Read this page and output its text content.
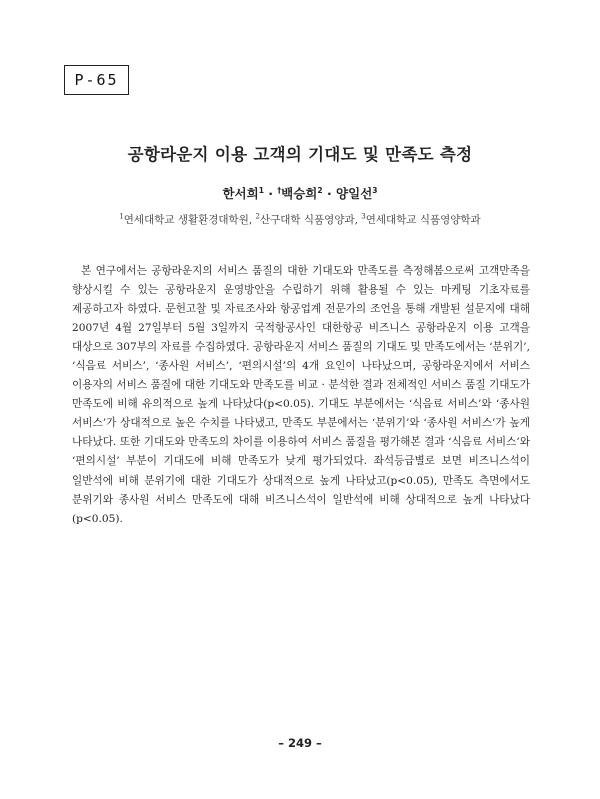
P-65
공항라운지 이용 고객의 기대도 및 만족도 측정
한서희$^1$ · †백승희$^2$ · 양일선$^3$
$^1$연세대학교 생활환경대학원, $^2$산구대학 식품영양과, $^3$연세대학교 식품영양학과

본 연구에서는 공항라운지의 서비스 품질의 대한 기대도와 만족도를 측정해봄으로써 고객만족을 향상시킬 수 있는 공항라운지 운영방안을 수립하기 위해 활용될 수 있는 마케팅 기초자료를 제공하고자 하였다. 문헌고찰 및 자료조사와 항공업계 전문가의 조언을 통해 개발된 설문지에 대해 2007년 4월 27일부터 5월 3일까지 국적항공사인 대한항공 비즈니스 공항라운지 이용 고객을 대상으로 307부의 자료를 수집하였다. 공항라운지 서비스 품질의 기대도 및 만족도에서는 ‘분위기’, ‘식음료 서비스’, ‘종사원 서비스’, ‘편의시설’의 4개 요인이 나타났으며, 공항라운지에서 서비스 이용자의 서비스 품질에 대한 기대도와 만족도를 비교 · 분석한 결과 전체적인 서비스 품질 기대도가 만족도에 비해 유의적으로 높게 나타났다(p<0.05). 기대도 부분에서는 ‘식음료 서비스’와 ‘종사원 서비스’가 상대적으로 높은 수치를 나타냈고, 만족도 부분에서는 ‘분위기’와 ‘종사원 서비스’가 높게 나타났다. 또한 기대도와 만족도의 차이를 이용하여 서비스 품질을 평가해본 결과 ‘식음료 서비스’와 ‘편의시설’ 부분이 기대도에 비해 만족도가 낮게 평가되었다. 좌석등급별로 보면 비즈니스석이 일반석에 비해 분위기에 대한 기대도가 상대적으로 높게 나타났고(p<0.05), 만족도 측면에서도 분위기와 종사원 서비스 만족도에 대해 비즈니스석이 일반석에 비해 상대적으로 높게 나타났다(p<0.05).

– 249 –
